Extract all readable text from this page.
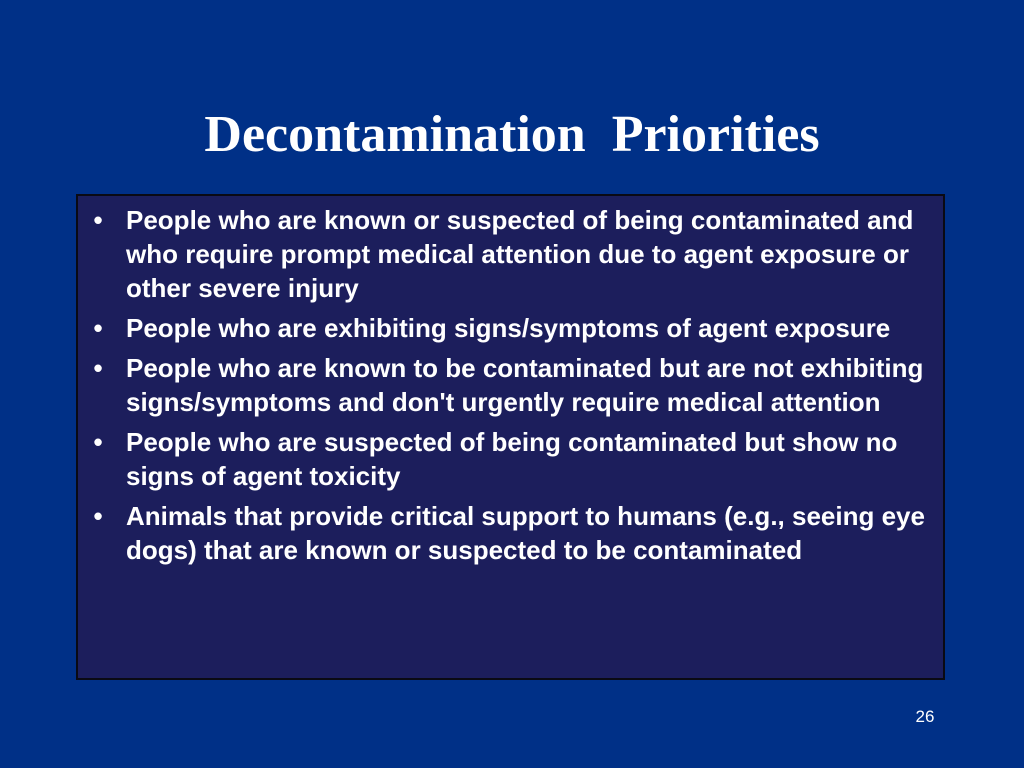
Decontamination  Priorities
• People who are known or suspected of being contaminated and who require prompt medical attention due to agent exposure or other severe injury
• People who are exhibiting signs/symptoms of agent exposure
• People who are known to be contaminated but are not exhibiting signs/symptoms and don't urgently require medical attention
• People who are suspected of being contaminated but show no signs of agent toxicity
• Animals that provide critical support to humans (e.g., seeing eye dogs) that are known or suspected to be contaminated
26
